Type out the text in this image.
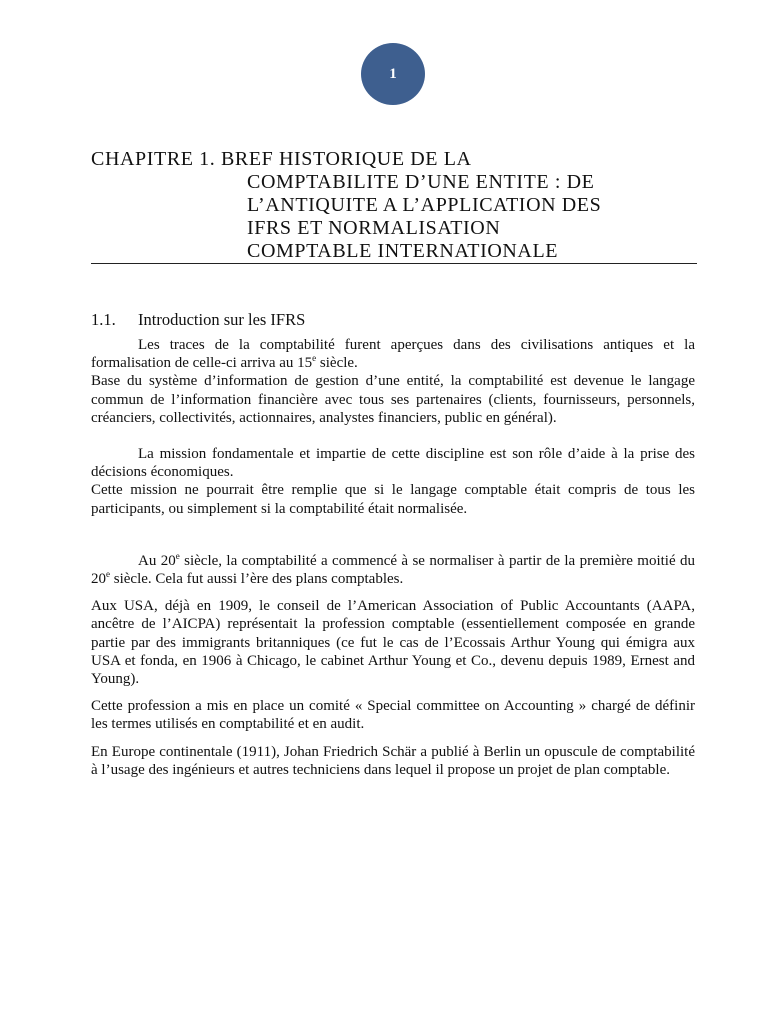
1
CHAPITRE 1. BREF HISTORIQUE DE LA
COMPTABILITE D’UNE ENTITE : DE
L’ANTIQUITE A L’APPLICATION DES
IFRS ET NORMALISATION
COMPTABLE INTERNATIONALE
1.1. Introduction sur les IFRS

Les traces de la comptabilité furent aperçues dans des civilisations antiques et la formalisation de celle-ci arriva au 15e siècle.

Base du système d’information de gestion d’une entité, la comptabilité est devenue le langage commun de l’information financière avec tous ses partenaires (clients, fournisseurs, personnels, créanciers, collectivités, actionnaires, analystes financiers, public en général).

La mission fondamentale et impartie de cette discipline est son rôle d’aide à la prise des décisions économiques.

Cette mission ne pourrait être remplie que si le langage comptable était compris de tous les participants, ou simplement si la comptabilité était normalisée.

Au 20e siècle, la comptabilité a commencé à se normaliser à partir de la première moitié du 20e siècle. Cela fut aussi l’ère des plans comptables.

Aux USA, déjà en 1909, le conseil de l’American Association of Public Accountants (AAPA, ancêtre de l’AICPA) représentait la profession comptable (essentiellement composée en grande partie par des immigrants britanniques (ce fut le cas de l’Ecossais Arthur Young qui émigra aux USA et fonda, en 1906 à Chicago, le cabinet Arthur Young et Co., devenu depuis 1989, Ernest and Young).

Cette profession a mis en place un comité « Special committee on Accounting » chargé de définir les termes utilisés en comptabilité et en audit.

En Europe continentale (1911), Johan Friedrich Schär a publié à Berlin un opuscule de comptabilité à l’usage des ingénieurs et autres techniciens dans lequel il propose un projet de plan comptable.
